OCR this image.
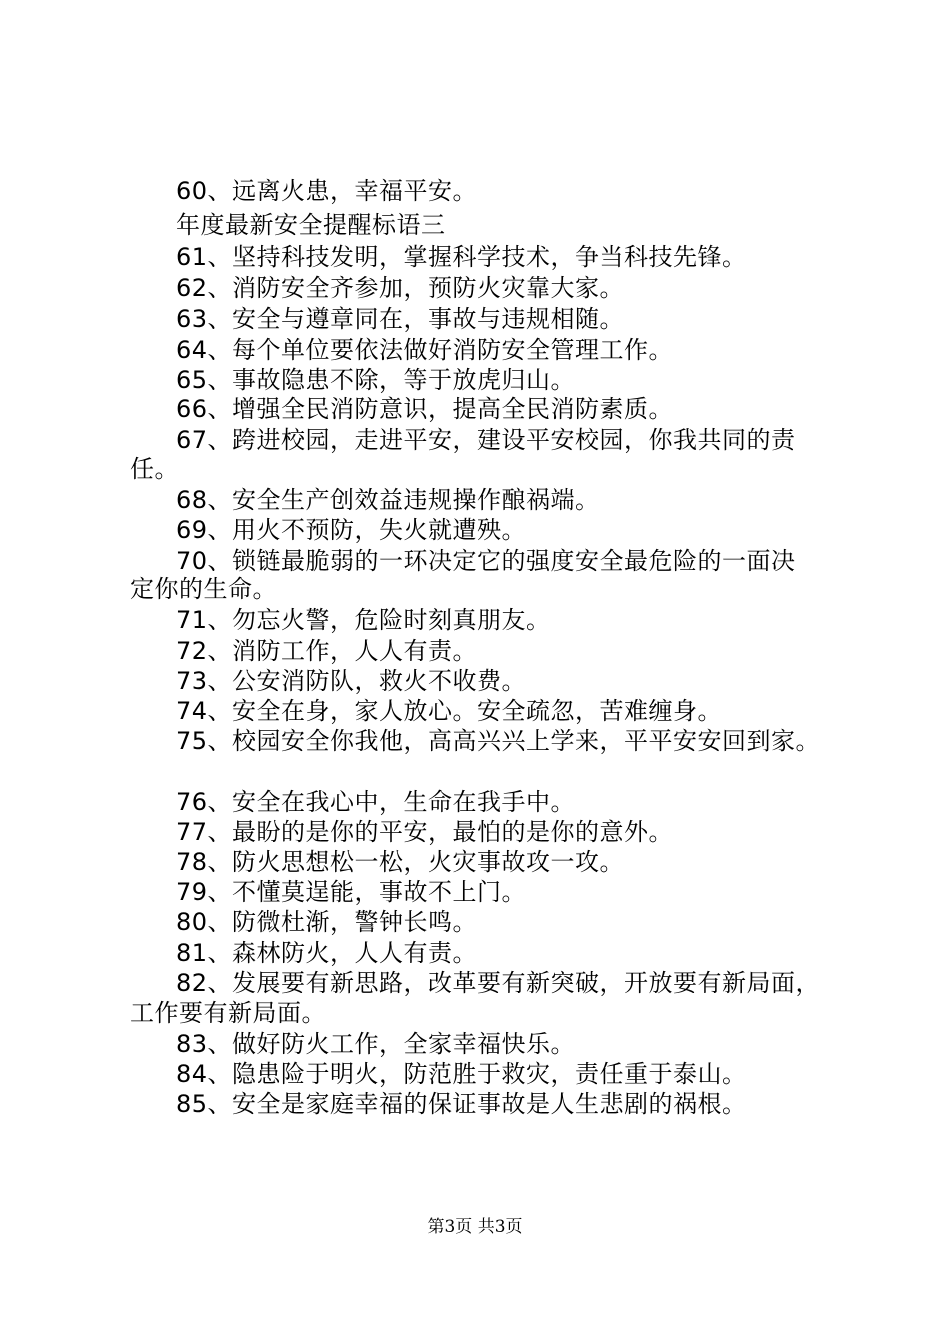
60、远离火患，幸福平安。
年度最新安全提醒标语三
61、坚持科技发明，掌握科学技术，争当科技先锋。
62、消防安全齐参加，预防火灾靠大家。
63、安全与遵章同在，事故与违规相随。
64、每个单位要依法做好消防安全管理工作。
65、事故隐患不除，等于放虎归山。
66、增强全民消防意识，提高全民消防素质。
67、跨进校园，走进平安，建设平安校园，你我共同的责
任。
68、安全生产创效益违规操作酿祸端。
69、用火不预防，失火就遭殃。
70、锁链最脆弱的一环决定它的强度安全最危险的一面决
定你的生命。
71、勿忘火警，危险时刻真朋友。
72、消防工作，人人有责。
73、公安消防队，救火不收费。
74、安全在身，家人放心。安全疏忽，苦难缠身。
75、校园安全你我他，高高兴兴上学来，平平安安回到家。
76、安全在我心中，生命在我手中。
77、最盼的是你的平安，最怕的是你的意外。
78、防火思想松一松，火灾事故攻一攻。
79、不懂莫逞能，事故不上门。
80、防微杜渐，警钟长鸣。
81、森林防火，人人有责。
82、发展要有新思路，改革要有新突破，开放要有新局面，
工作要有新局面。
83、做好防火工作，全家幸福快乐。
84、隐患险于明火，防范胜于救灾，责任重于泰山。
85、安全是家庭幸福的保证事故是人生悲剧的祸根。
第3页 共3页
